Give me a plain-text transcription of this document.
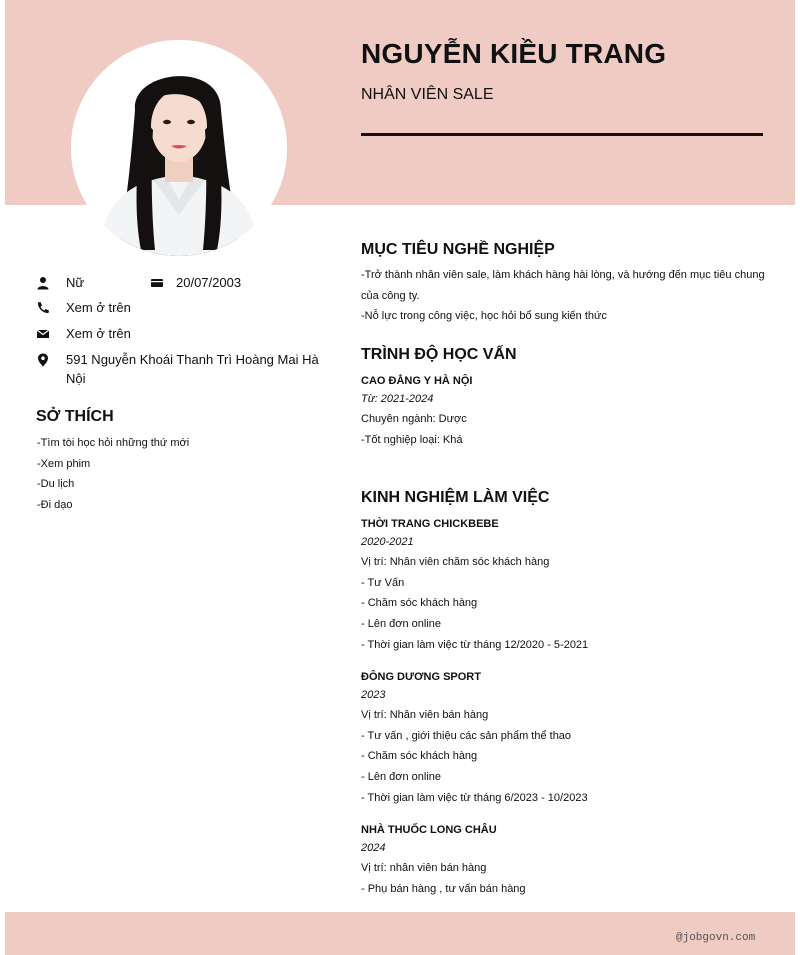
NGUYỄN KIỀU TRANG
NHÂN VIÊN SALE
Nữ	20/07/2003
Xem ở trên
Xem ở trên
591 Nguyễn Khoái Thanh Trì Hoàng Mai Hà Nội
SỞ THÍCH
-Tìm tòi học hỏi những thứ mới
-Xem phim
-Du lịch
-Đi dạo
MỤC TIÊU NGHỀ NGHIỆP
-Trở thành nhân viên sale, làm khách hàng hài lòng, và hướng đến mục tiêu chung
của công ty.
-Nỗ lực trong công việc, học hỏi bổ sung kiến thức
TRÌNH ĐỘ HỌC VẤN
CAO ĐẲNG Y HÀ NỘI
Từ: 2021-2024
Chuyên ngành: Dược
-Tốt nghiệp loại: Khá
KINH NGHIỆM LÀM VIỆC
THỜI TRANG CHICKBEBE
2020-2021
Vị trí: Nhân viên chăm sóc khách hàng
- Tư Vấn
- Chăm sóc khách hàng
- Lên đơn online
- Thời gian làm việc từ tháng 12/2020 - 5-2021
ĐÔNG DƯƠNG SPORT
2023
Vị trí: Nhân viên bán hàng
- Tư vấn , giới thiệu các sản phẩm thể thao
- Chăm sóc khách hàng
- Lên đơn online
- Thời gian làm việc từ tháng 6/2023 - 10/2023
NHÀ THUỐC LONG CHÂU
2024
Vị trí: nhân viên bán hàng
- Phụ bán hàng , tư vấn bán hàng
@jobgovn.com
